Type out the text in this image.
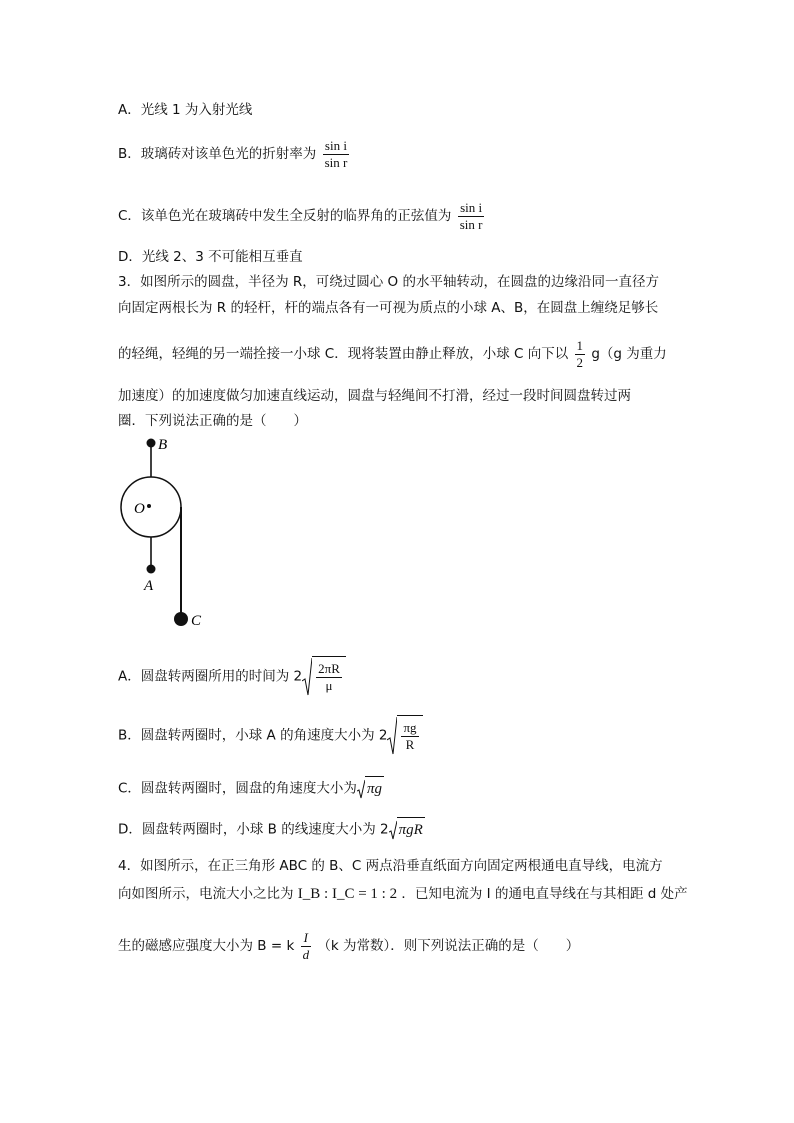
A．光线 1 为入射光线
B．玻璃砖对该单色光的折射率为 $\frac{\text{sin i}}{\text{sin r}}$
C．该单色光在玻璃砖中发生全反射的临界角的正弦值为 $\frac{\text{sin i}}{\text{sin r}}$
D．光线 2、3 不可能相互垂直
3．如图所示的圆盘，半径为 R，可绕过圆心 O 的水平轴转动，在圆盘的边缘沿同一直径方
向固定两根长为 R 的轻杆，杆的端点各有一可视为质点的小球 A、B，在圆盘上缠绕足够长
的轻绳，轻绳的另一端拴接一小球 C．现将装置由静止释放，小球 C 向下以 $\frac{1}{2} g(g$ 为重力
加速度）的加速度做匀加速直线运动，圆盘与轻绳间不打滑，经过一段时间圆盘转过两
圈．下列说法正确的是（　　）
B
O
A
C
A．圆盘转两圈所用的时间为 $2 \frac{2\pi R}{\mu}$
B．圆盘转两圈时，小球 A 的角速度大小为 $2 \frac{\pi g}{R}$
C．圆盘转两圈时，圆盘的角速度大小为 πg
D．圆盘转两圈时，小球 B 的线速度大小为 2 πgR
4．如图所示，在正三角形 ABC 的 B、C 两点沿垂直纸面方向固定两根通电直导线，电流方
向如图所示，电流大小之比为 I_B : I_C = 1 : 2 ．已知电流为 I 的通电直导线在与其相距 d 处产
生的磁感应强度大小为 B = k $\frac{I}{d} (k$ 为常数）．则下列说法正确的是（　　）
